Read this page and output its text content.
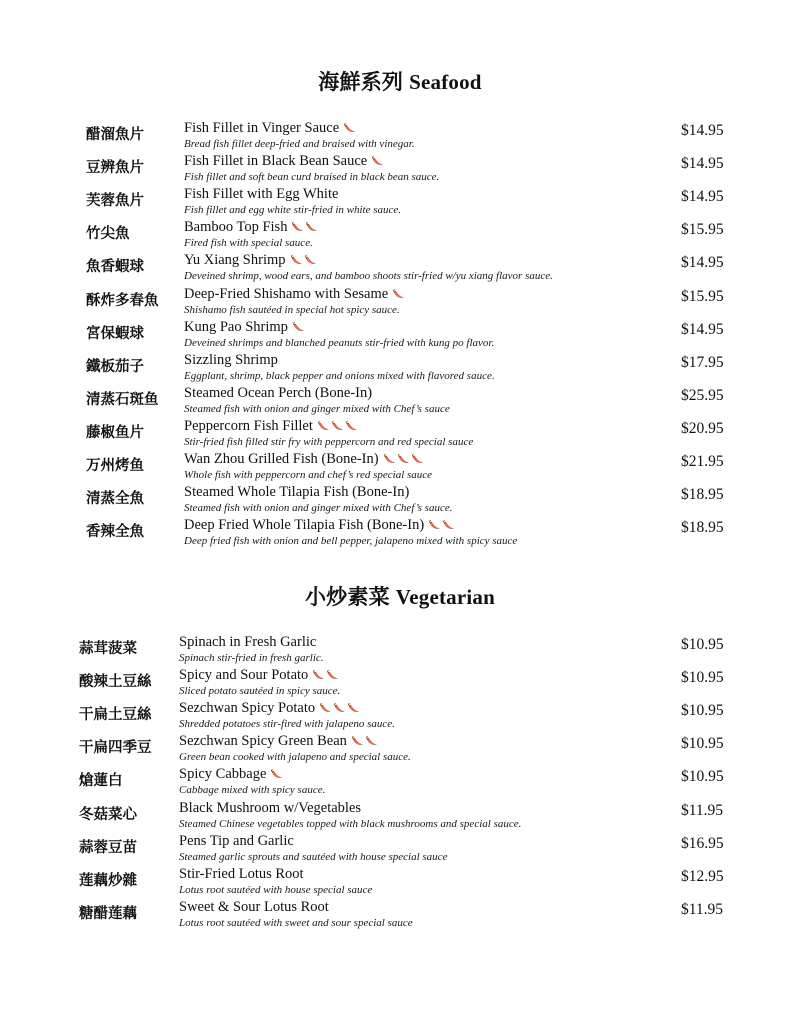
海鮮系列 Seafood
醋溜魚片	Fish Fillet in Vinger Sauce
Bread fish fillet deep-fried and braised with vinegar.
$14.95
豆辨魚片	Fish Fillet in Black Bean Sauce
Fish fillet and soft bean curd braised in black bean sauce.
$14.95
芙蓉魚片	Fish Fillet with Egg White
Fish fillet and egg white stir-fried in white sauce.
$14.95
竹尖魚	Bamboo Top Fish
Fired fish with special sauce.
$15.95
魚香蝦球	Yu Xiang Shrimp
Deveined shrimp, wood ears, and bamboo shoots stir-fried w/yu xiang flavor sauce.
$14.95
酥炸多春魚 Deep-Fried Shishamo with Sesame
Shishamo fish sautéed in special hot spicy sauce.
$15.95
宮保蝦球	Kung Pao Shrimp
Deveined shrimps and blanched peanuts stir-fried with kung po flavor.
$14.95
鐵板茄子	Sizzling Shrimp
Eggplant, shrimp, black pepper and onions mixed with flavored sauce.
$17.95
清蒸石斑鱼 Steamed Ocean Perch (Bone-In)
Steamed fish with onion and ginger mixed with Chef’s sauce
$25.95
藤椒鱼片	Peppercorn Fish Fillet
Stir-fried fish filled stir fry with peppercorn and red special sauce
$20.95
万州烤鱼	Wan Zhou Grilled Fish (Bone-In)
Whole fish with peppercorn and chef’s red special sauce
$21.95
清蒸全魚	Steamed Whole Tilapia Fish (Bone-In)
Steamed fish with onion and ginger mixed with Chef’s sauce.
$18.95
香辣全魚	Deep Fried Whole Tilapia Fish (Bone-In)
Deep fried fish with onion and bell pepper, jalapeno mixed with spicy sauce
$18.95
小炒素菜 Vegetarian
蒜茸菠菜	Spinach in Fresh Garlic
Spinach stir-fried in fresh garlic.
$10.95
酸辣土豆絲 Spicy and Sour Potato
Sliced potato sautéed in spicy sauce.
$10.95
干扁土豆絲 Sezchwan Spicy Potato
Shredded potatoes stir-fired with jalapeno sauce.
$10.95
干扁四季豆 Sezchwan Spicy Green Bean
Green bean cooked with jalapeno and special sauce.
$10.95
熗蓮白	Spicy Cabbage
Cabbage mixed with spicy sauce.
$10.95
冬菇菜心	Black Mushroom w/Vegetables
Steamed Chinese vegetables topped with black mushrooms and special sauce.
$11.95
蒜蓉豆苗	Pens Tip and Garlic
Steamed garlic sprouts and sautéed with house special sauce
$16.95
莲藕炒雜	Stir-Fried Lotus Root
Lotus root sautéed with house special sauce
$12.95
糖醋莲藕	Sweet & Sour Lotus Root
Lotus root sautéed with sweet and sour special sauce
$11.95
